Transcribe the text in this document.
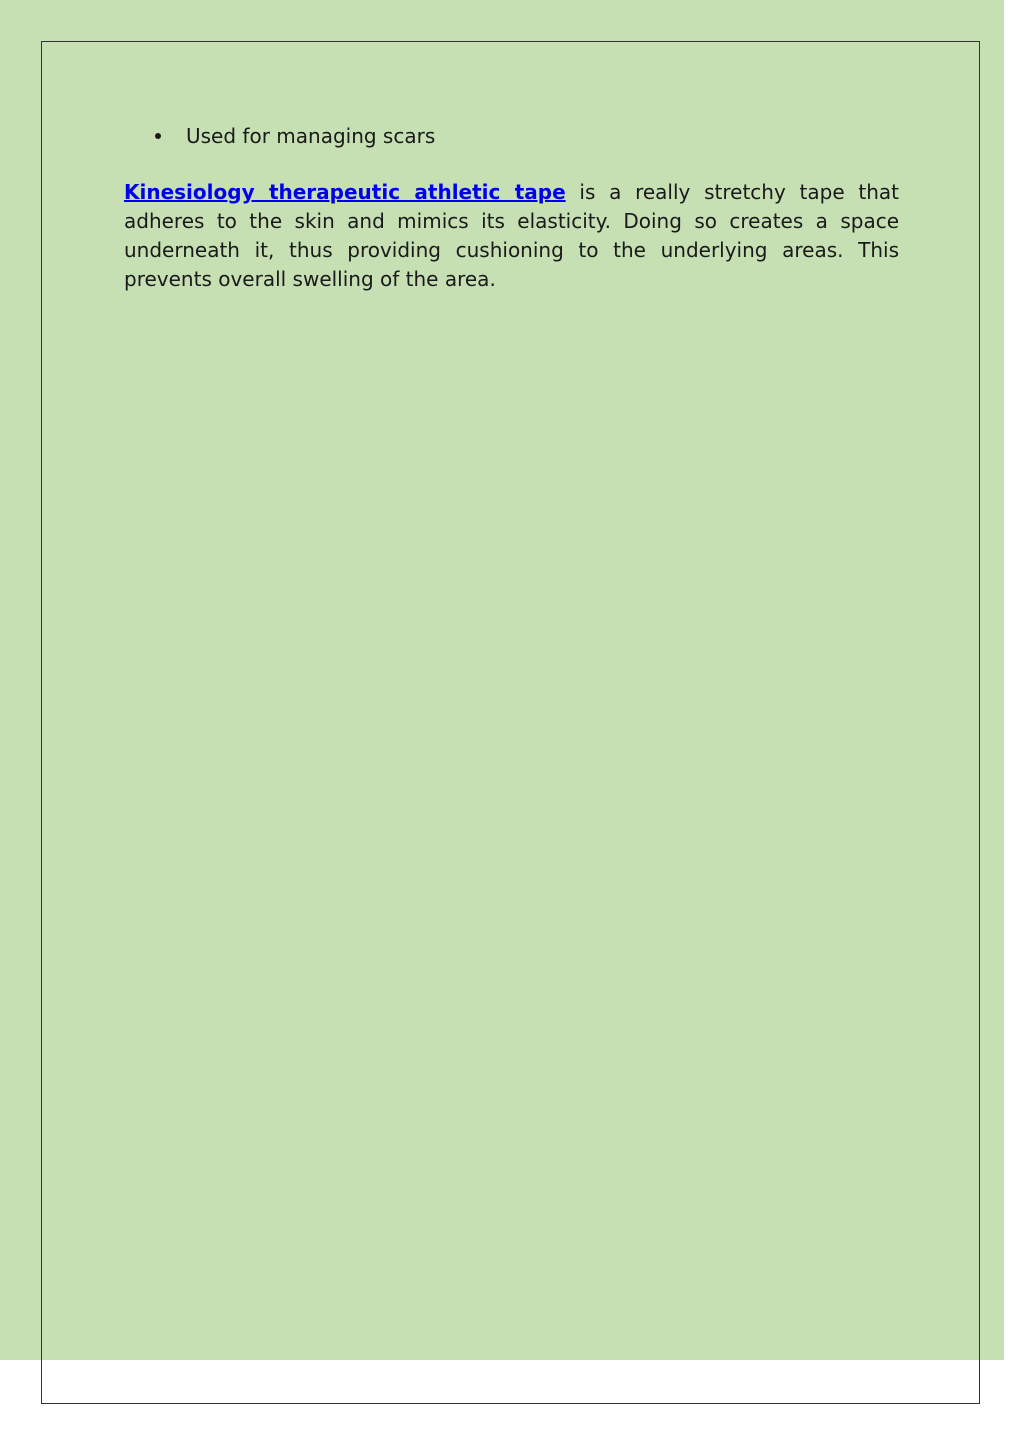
Used for managing scars

Kinesiology therapeutic athletic tape is a really stretchy tape that adheres to the skin and mimics its elasticity. Doing so creates a space underneath it, thus providing cushioning to the underlying areas. This prevents overall swelling of the area.
